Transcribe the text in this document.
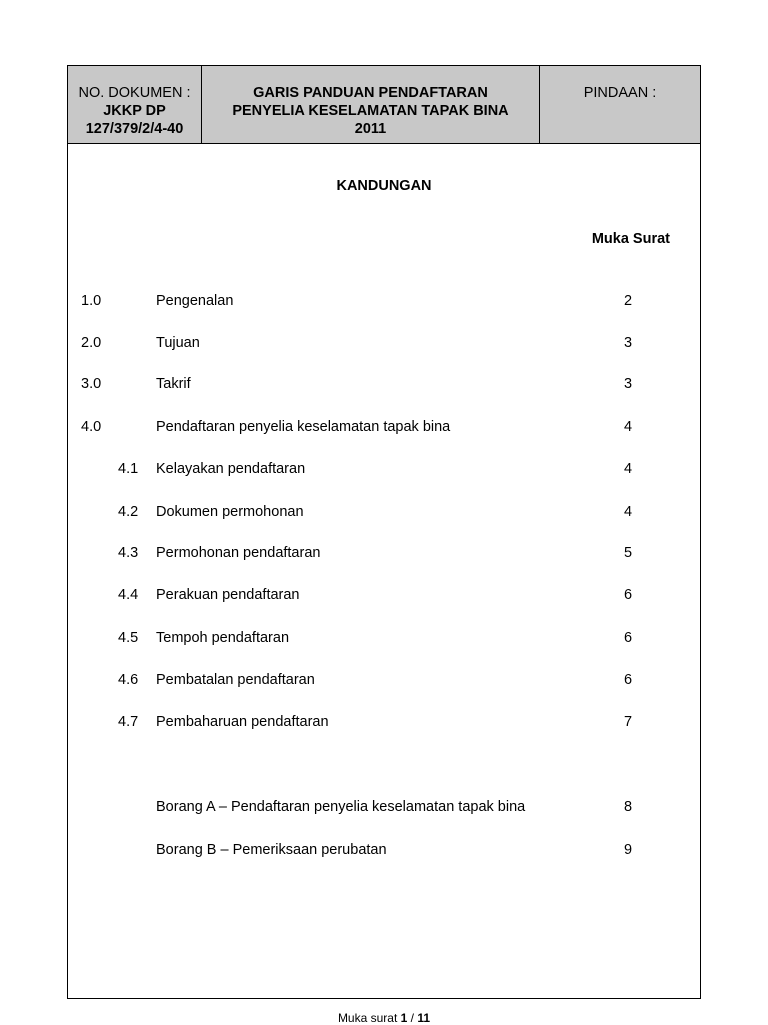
NO. DOKUMEN :
JKKP DP
127/379/2/4-40
GARIS PANDUAN PENDAFTARAN
PENYELIA KESELAMATAN TAPAK BINA
2011
PINDAAN :
KANDUNGAN
Muka Surat
1.0	Pengenalan	2
2.0	Tujuan	3
3.0	Takrif	3
4.0	Pendaftaran penyelia keselamatan tapak bina	4
4.1 Kelayakan pendaftaran	4
4.2 Dokumen permohonan	4
4.3 Permohonan pendaftaran	5
4.4 Perakuan pendaftaran	6
4.5 Tempoh pendaftaran	6
4.6 Pembatalan pendaftaran	6
4.7 Pembaharuan pendaftaran	7
Borang A – Pendaftaran penyelia keselamatan tapak bina	8
Borang B – Pemeriksaan perubatan	9
Muka surat 1 / 11
